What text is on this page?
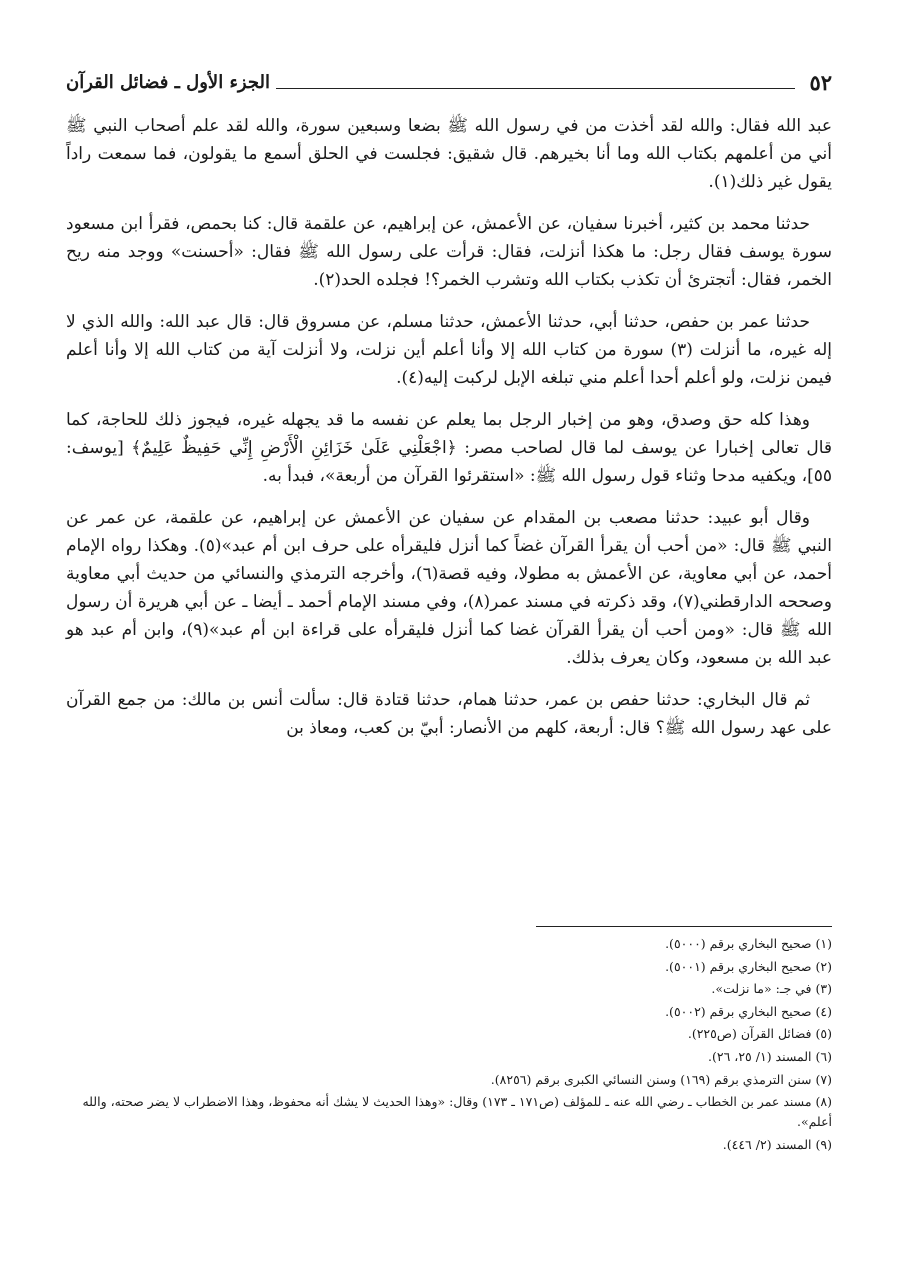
٥٢
الجزء الأول ـ فضائل القرآن

عبد الله فقال: والله لقد أخذت من في رسول الله ﷺ بضعا وسبعين سورة، والله لقد علم أصحاب النبي ﷺ أني من أعلمهم بكتاب الله وما أنا بخيرهم. قال شقيق: فجلست في الحلق أسمع ما يقولون، فما سمعت راداً يقول غير ذلك(١).

حدثنا محمد بن كثير، أخبرنا سفيان، عن الأعمش، عن إبراهيم، عن علقمة قال: كنا بحمص، فقرأ ابن مسعود سورة يوسف فقال رجل: ما هكذا أنزلت، فقال: قرأت على رسول الله ﷺ فقال: «أحسنت» ووجد منه ريح الخمر، فقال: أتجترئ أن تكذب بكتاب الله وتشرب الخمر؟! فجلده الحد(٢).

حدثنا عمر بن حفص، حدثنا أبي، حدثنا الأعمش، حدثنا مسلم، عن مسروق قال: قال عبد الله: والله الذي لا إله غيره، ما أنزلت (٣) سورة من كتاب الله إلا وأنا أعلم أين نزلت، ولا أنزلت آية من كتاب الله إلا وأنا أعلم فيمن نزلت، ولو أعلم أحدا أعلم مني تبلغه الإبل لركبت إليه(٤).

وهذا كله حق وصدق، وهو من إخبار الرجل بما يعلم عن نفسه ما قد يجهله غيره، فيجوز ذلك للحاجة، كما قال تعالى إخبارا عن يوسف لما قال لصاحب مصر: ﴿اجْعَلْنِي عَلَىٰ خَزَائِنِ الْأَرْضِ إِنِّي حَفِيظٌ عَلِيمٌ﴾ [يوسف: ٥٥]، ويكفيه مدحا وثناء قول رسول الله ﷺ: «استقرئوا القرآن من أربعة»، فبدأ به.

وقال أبو عبيد: حدثنا مصعب بن المقدام عن سفيان عن الأعمش عن إبراهيم، عن علقمة، عن عمر عن النبي ﷺ قال: «من أحب أن يقرأ القرآن غضاً كما أنزل فليقرأه على حرف ابن أم عبد»(٥). وهكذا رواه الإمام أحمد، عن أبي معاوية، عن الأعمش به مطولا، وفيه قصة(٦)، وأخرجه الترمذي والنسائي من حديث أبي معاوية وصححه الدارقطني(٧)، وقد ذكرته في مسند عمر(٨)، وفي مسند الإمام أحمد ـ أيضا ـ عن أبي هريرة أن رسول الله ﷺ قال: «ومن أحب أن يقرأ القرآن غضا كما أنزل فليقرأه على قراءة ابن أم عبد»(٩)، وابن أم عبد هو عبد الله بن مسعود، وكان يعرف بذلك.

ثم قال البخاري: حدثنا حفص بن عمر، حدثنا همام، حدثنا قتادة قال: سألت أنس بن مالك: من جمع القرآن على عهد رسول الله ﷺ؟ قال: أربعة، كلهم من الأنصار: أبيّ بن كعب، ومعاذ بن

(١) صحيح البخاري برقم (٥٠٠٠).
(٢) صحيح البخاري برقم (٥٠٠١).
(٣) في جـ: «ما نزلت».
(٤) صحيح البخاري برقم (٥٠٠٢).
(٥) فضائل القرآن (ص٢٢٥).
(٦) المسند (١/ ٢٥، ٢٦).
(٧) سنن الترمذي برقم (١٦٩) وسنن النسائي الكبرى برقم (٨٢٥٦).
(٨) مسند عمر بن الخطاب ـ رضي الله عنه ـ للمؤلف (ص١٧١ ـ ١٧٣) وقال: «وهذا الحديث لا يشك أنه محفوظ، وهذا الاضطراب لا يضر صحته، والله أعلم».
(٩) المسند (٢/ ٤٤٦).
